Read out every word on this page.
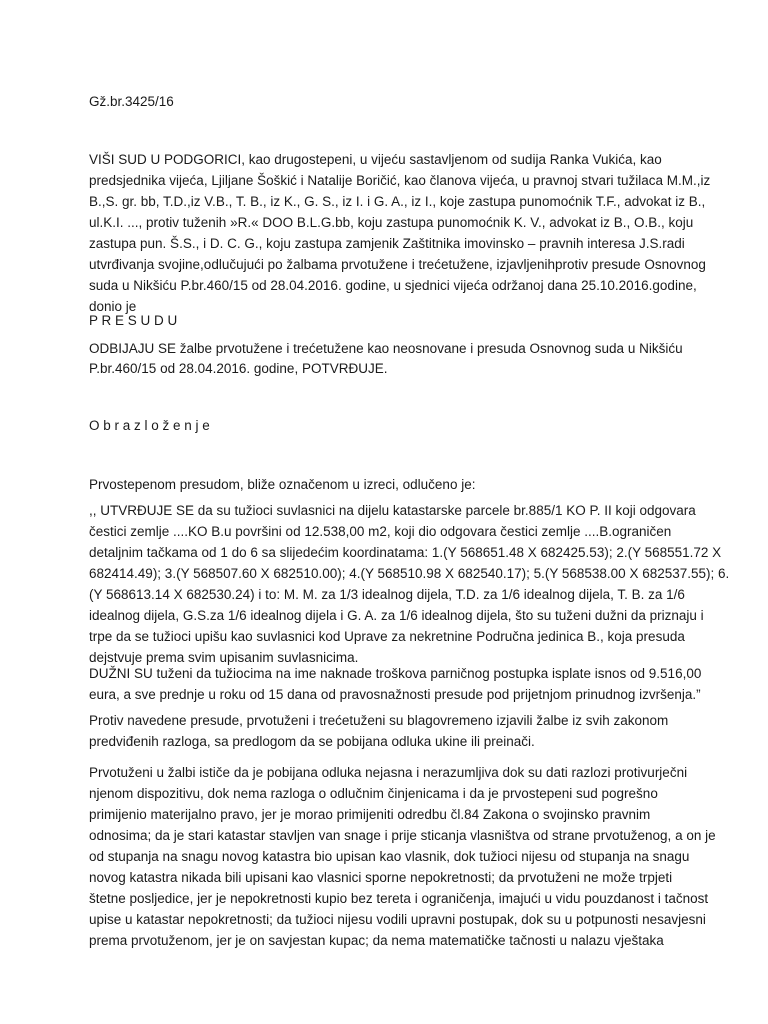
Gž.br.3425/16
VIŠI SUD U PODGORICI, kao drugostepeni, u vijeću sastavljenom od sudija Ranka Vukića, kao
predsjednika vijeća, Ljiljane Šoškić i Natalije Boričić, kao članova vijeća, u pravnoj stvari tužilaca M.M.,iz
B.,S. gr. bb, T.D.,iz V.B., T. B., iz K., G. S., iz I. i G. A., iz I., koje zastupa punomoćnik T.F., advokat iz B.,
ul.K.I. ..., protiv tuženih »R.« DOO B.L.G.bb, koju zastupa punomoćnik K. V., advokat iz B., O.B., koju
zastupa pun. Š.S., i D. C. G., koju zastupa zamjenik Zaštitnika imovinsko – pravnih interesa J.S.radi
utvrđivanja svojine,odlučujući po žalbama prvotužene i trećetužene, izjavljenihprotiv presude Osnovnog
suda u Nikšiću P.br.460/15 od 28.04.2016. godine, u sjednici vijeća održanoj dana 25.10.2016.godine,
donio je
P R E S U D U
ODBIJAJU SE žalbe prvotužene i trećetužene kao neosnovane i presuda Osnovnog suda u Nikšiću
P.br.460/15 od 28.04.2016. godine, POTVRĐUJE.
O b r a z l o ž e n j e
Prvostepenom presudom, bliže označenom u izreci, odlučeno je:
,, UTVRĐUJE SE da su tužioci suvlasnici na dijelu katastarske parcele br.885/1 KO P. II koji odgovara
čestici zemlje ....KO B.u površini od 12.538,00 m2, koji dio odgovara čestici zemlje ....B.ograničen
detaljnim tačkama od 1 do 6 sa slijedećim koordinatama: 1.(Y 568651.48 X 682425.53); 2.(Y 568551.72 X
682414.49); 3.(Y 568507.60 X 682510.00); 4.(Y 568510.98 X 682540.17); 5.(Y 568538.00 X 682537.55); 6.
(Y 568613.14 X 682530.24) i to: M. M. za 1/3 idealnog dijela, T.D. za 1/6 idealnog dijela, T. B. za 1/6
idealnog dijela, G.S.za 1/6 idealnog dijela i G. A. za 1/6 idealnog dijela, što su tuženi dužni da priznaju i
trpe da se tužioci upišu kao suvlasnici kod Uprave za nekretnine Područna jedinica B., koja presuda
dejstvuje prema svim upisanim suvlasnicima.
DUŽNI SU tuženi da tužiocima na ime naknade troškova parničnog postupka isplate isnos od 9.516,00
eura, a sve prednje u roku od 15 dana od pravosnažnosti presude pod prijetnjom prinudnog izvršenja.”
Protiv navedene presude, prvotuženi i trećetuženi su blagovremeno izjavili žalbe iz svih zakonom
predviđenih razloga, sa predlogom da se pobijana odluka ukine ili preinači.
Prvotuženi u žalbi ističe da je pobijana odluka nejasna i nerazumljiva dok su dati razlozi protivurječni
njenom dispozitivu, dok nema razloga o odlučnim činjenicama i da je prvostepeni sud pogrešno
primijenio materijalno pravo, jer je morao primijeniti odredbu čl.84 Zakona o svojinsko pravnim
odnosima; da je stari katastar stavljen van snage i prije sticanja vlasništva od strane prvotuženog, a on je
od stupanja na snagu novog katastra bio upisan kao vlasnik, dok tužioci nijesu od stupanja na snagu
novog katastra nikada bili upisani kao vlasnici sporne nepokretnosti; da prvotuženi ne može trpjeti
štetne posljedice, jer je nepokretnosti kupio bez tereta i ograničenja, imajući u vidu pouzdanost i tačnost
upise u katastar nepokretnosti; da tužioci nijesu vodili upravni postupak, dok su u potpunosti nesavjesni
prema prvotuženom, jer je on savjestan kupac; da nema matematičke tačnosti u nalazu vještaka
